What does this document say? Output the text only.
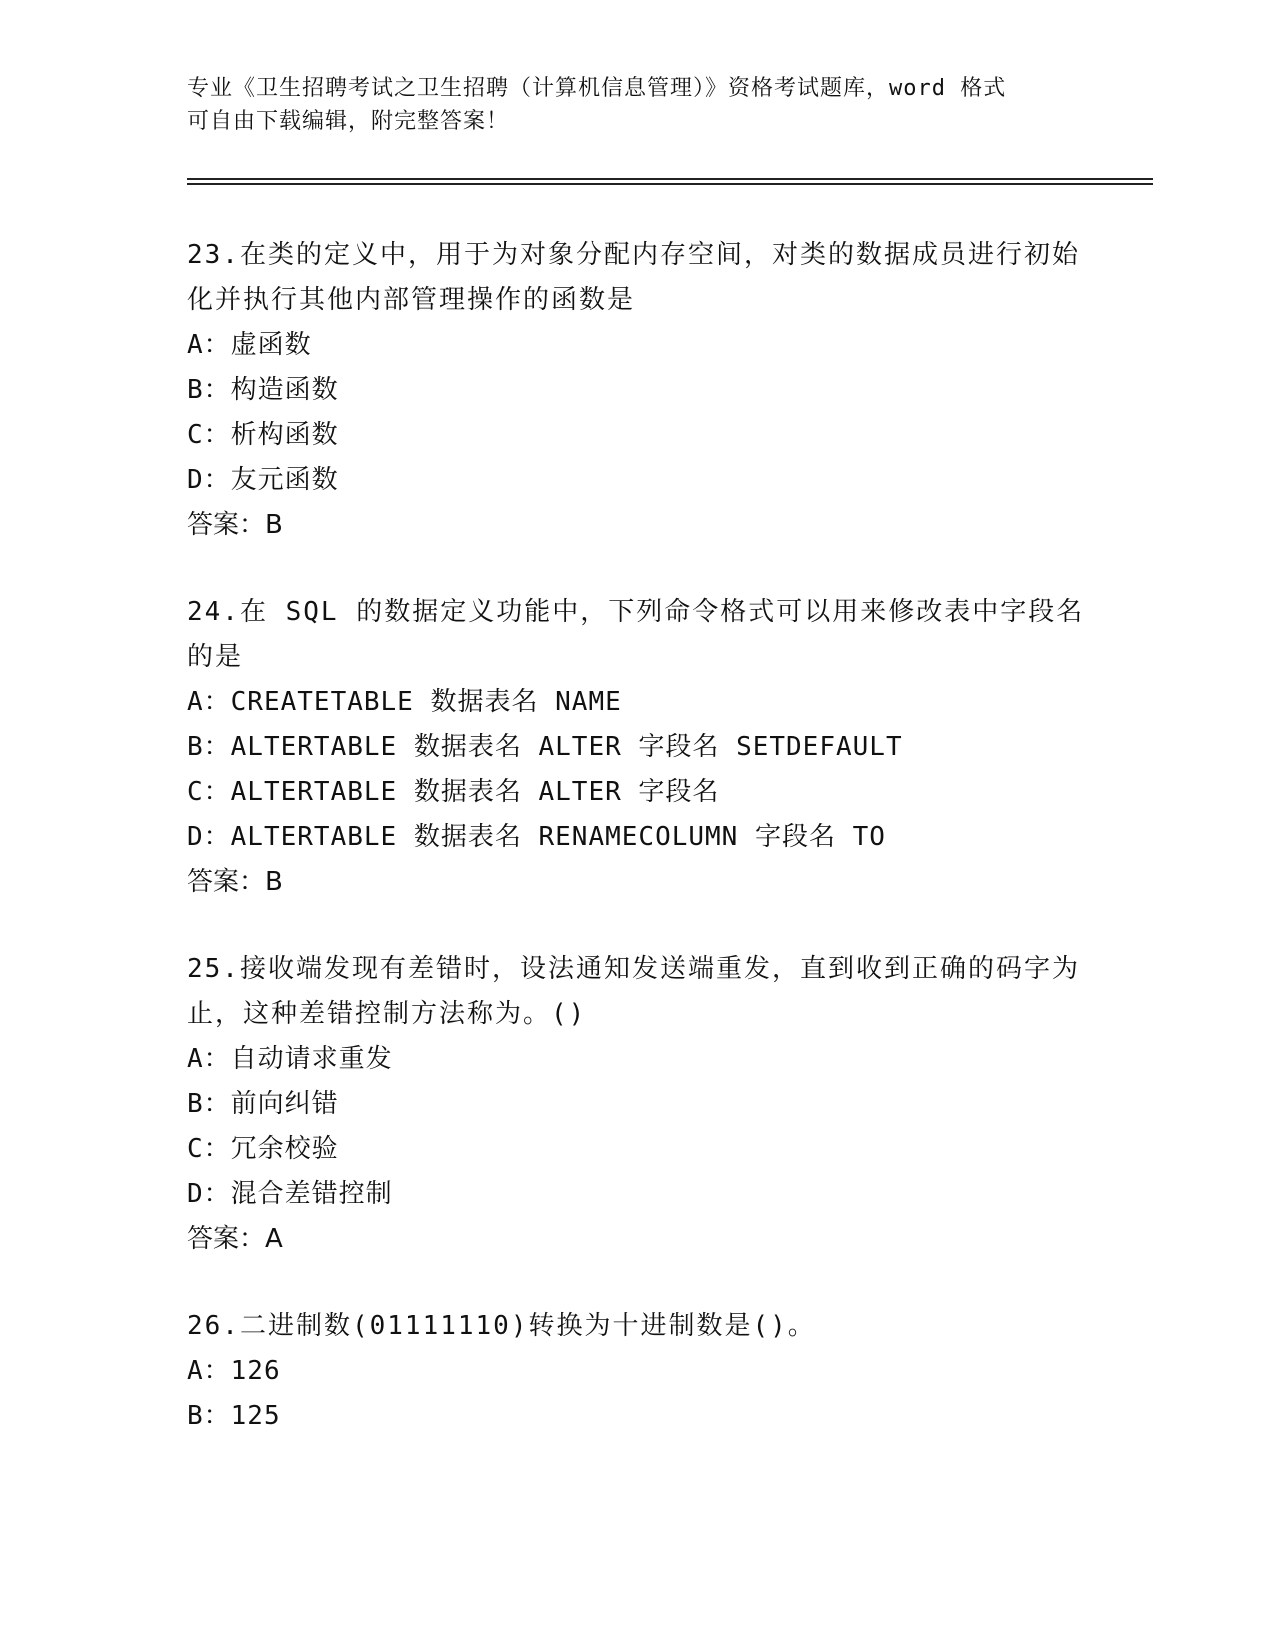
专业《卫生招聘考试之卫生招聘（计算机信息管理）》资格考试题库，word 格式
可自由下载编辑，附完整答案！

23.在类的定义中，用于为对象分配内存空间，对类的数据成员进行初始化并执行其他内部管理操作的函数是

A：虚函数

B：构造函数

C：析构函数

D：友元函数

答案：B

24.在 SQL 的数据定义功能中，下列命令格式可以用来修改表中字段名的是

A：CREATETABLE 数据表名 NAME

B：ALTERTABLE 数据表名 ALTER 字段名 SETDEFAULT

C：ALTERTABLE 数据表名 ALTER 字段名

D：ALTERTABLE 数据表名 RENAMECOLUMN 字段名 TO

答案：B

25.接收端发现有差错时，设法通知发送端重发，直到收到正确的码字为止，这种差错控制方法称为。()

A：自动请求重发

B：前向纠错

C：冗余校验

D：混合差错控制

答案：A

26.二进制数(01111110)转换为十进制数是()。

A：126

B：125
